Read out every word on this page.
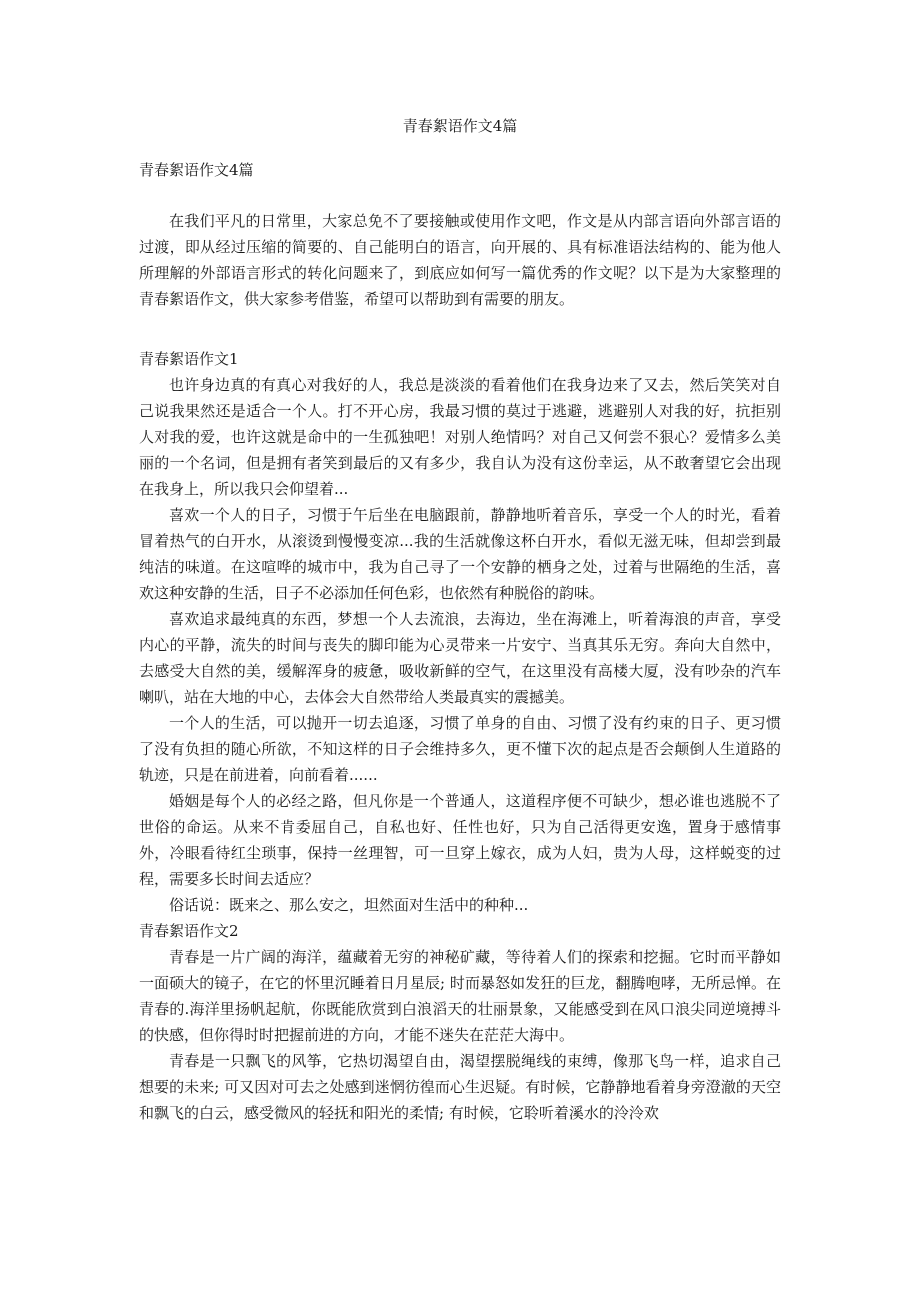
青春絮语作文4篇

青春絮语作文4篇

在我们平凡的日常里，大家总免不了要接触或使用作文吧，作文是从内部言语向外部言语的过渡，即从经过压缩的简要的、自己能明白的语言，向开展的、具有标准语法结构的、能为他人所理解的外部语言形式的转化问题来了，到底应如何写一篇优秀的作文呢？以下是为大家整理的青春絮语作文，供大家参考借鉴，希望可以帮助到有需要的朋友。

青春絮语作文1

也许身边真的有真心对我好的人，我总是淡淡的看着他们在我身边来了又去，然后笑笑对自己说我果然还是适合一个人。打不开心房，我最习惯的莫过于逃避，逃避别人对我的好，抗拒别人对我的爱，也许这就是命中的一生孤独吧！对别人绝情吗？对自己又何尝不狠心？爱情多么美丽的一个名词，但是拥有者笑到最后的又有多少，我自认为没有这份幸运，从不敢奢望它会出现在我身上，所以我只会仰望着...

喜欢一个人的日子，习惯于午后坐在电脑跟前，静静地听着音乐，享受一个人的时光，看着冒着热气的白开水，从滚烫到慢慢变凉...我的生活就像这杯白开水，看似无滋无味，但却尝到最纯洁的味道。在这喧哗的城市中，我为自己寻了一个安静的栖身之处，过着与世隔绝的生活，喜欢这种安静的生活，日子不必添加任何色彩，也依然有种脱俗的韵味。

喜欢追求最纯真的东西，梦想一个人去流浪，去海边，坐在海滩上，听着海浪的声音，享受内心的平静，流失的时间与丧失的脚印能为心灵带来一片安宁、当真其乐无穷。奔向大自然中，去感受大自然的美，缓解浑身的疲惫，吸收新鲜的空气，在这里没有高楼大厦，没有吵杂的汽车喇叭，站在大地的中心，去体会大自然带给人类最真实的震撼美。

一个人的生活，可以抛开一切去追逐，习惯了单身的自由、习惯了没有约束的日子、更习惯了没有负担的随心所欲，不知这样的日子会维持多久，更不懂下次的起点是否会颠倒人生道路的轨迹，只是在前进着，向前看着......

婚姻是每个人的必经之路，但凡你是一个普通人，这道程序便不可缺少，想必谁也逃脱不了世俗的命运。从来不肯委屈自己，自私也好、任性也好，只为自己活得更安逸，置身于感情事外，冷眼看待红尘琐事，保持一丝理智，可一旦穿上嫁衣，成为人妇，贵为人母，这样蜕变的过程，需要多长时间去适应？

俗话说：既来之、那么安之，坦然面对生活中的种种...

青春絮语作文2

青春是一片广阔的海洋，蕴藏着无穷的神秘矿藏，等待着人们的探索和挖掘。它时而平静如一面硕大的镜子，在它的怀里沉睡着日月星辰; 时而暴怒如发狂的巨龙，翻腾咆哮，无所忌惮。在青春的.海洋里扬帆起航，你既能欣赏到白浪滔天的壮丽景象，又能感受到在风口浪尖同逆境搏斗的快感，但你得时时把握前进的方向，才能不迷失在茫茫大海中。

青春是一只飘飞的风筝，它热切渴望自由，渴望摆脱绳线的束缚，像那飞鸟一样，追求自己想要的未来; 可又因对可去之处感到迷惘彷徨而心生迟疑。有时候，它静静地看着身旁澄澈的天空和飘飞的白云，感受微风的轻抚和阳光的柔情; 有时候，它聆听着溪水的泠泠欢
